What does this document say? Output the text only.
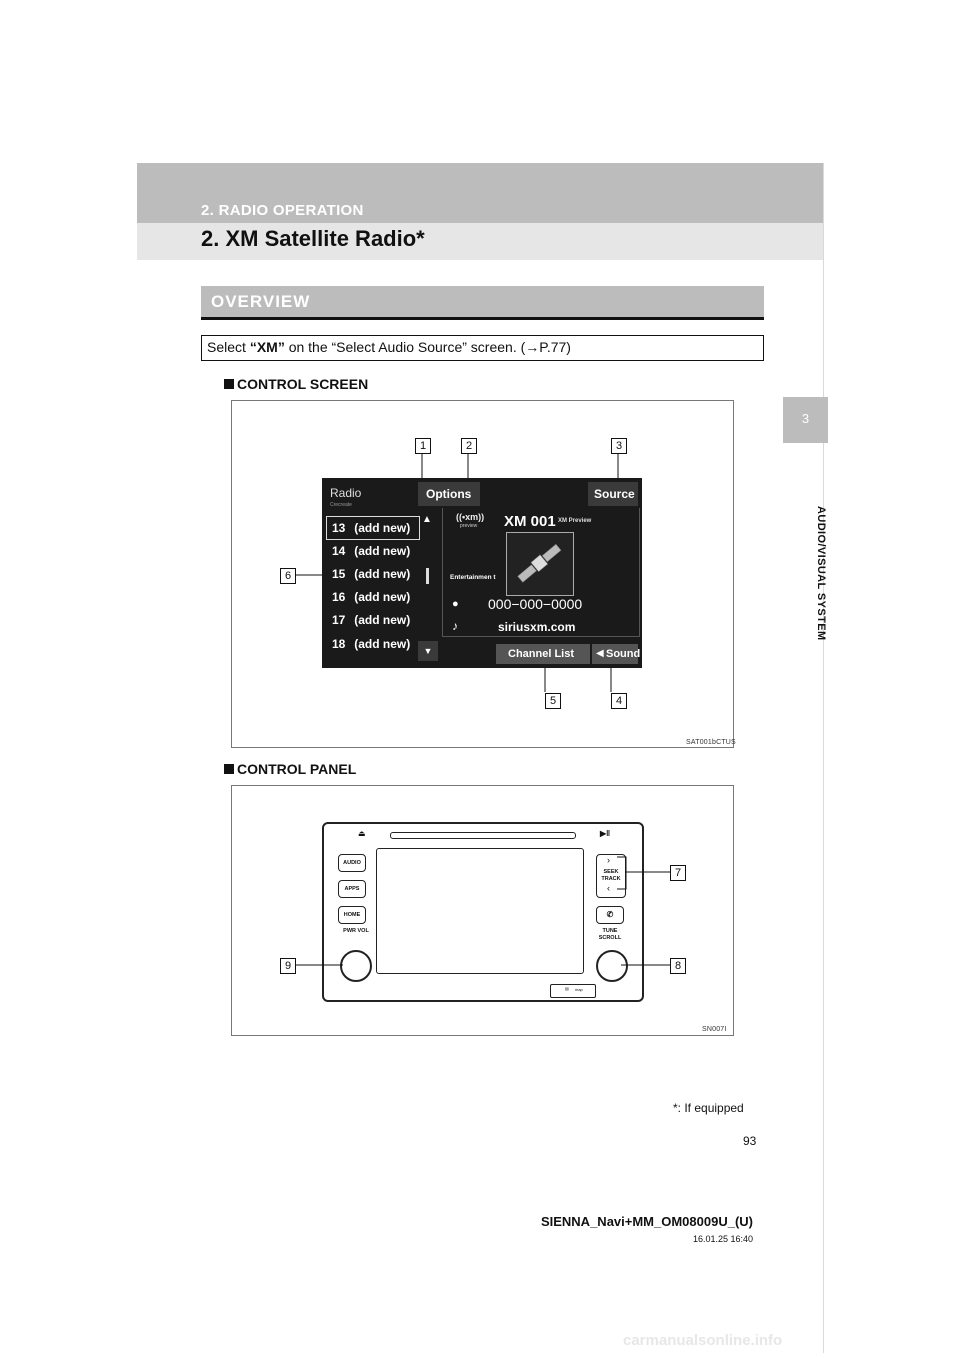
2. RADIO OPERATION
2. XM Satellite Radio*
3
AUDIO/VISUAL SYSTEM
OVERVIEW
Select “XM” on the “Select Audio Source” screen. (→P.77)
CONTROL SCREEN
SAT001bCTUS
1	2	3
4
5
6
Radio
Crecreate
Options	Source
13 (add new)
14 (add new)
15 (add new)
16 (add new)
17 (add new)
18 (add new)
▲
▼
((•xm))
preview XM 001 XM Preview
Entertainmen t
● 000−000−0000
♪	siriusxm.com
Channel List ◀ Sound
CONTROL PANEL
SN007I
⏏	▶‖
AUDIO
APPS
HOME
PWR VOL
›
SEEK TRACK
‹
✆
TUNE SCROLL
▤ map
7
8
9
*: If equipped
93
SIENNA_Navi+MM_OM08009U_(U)
16.01.25 16:40
carmanualsonline.info
